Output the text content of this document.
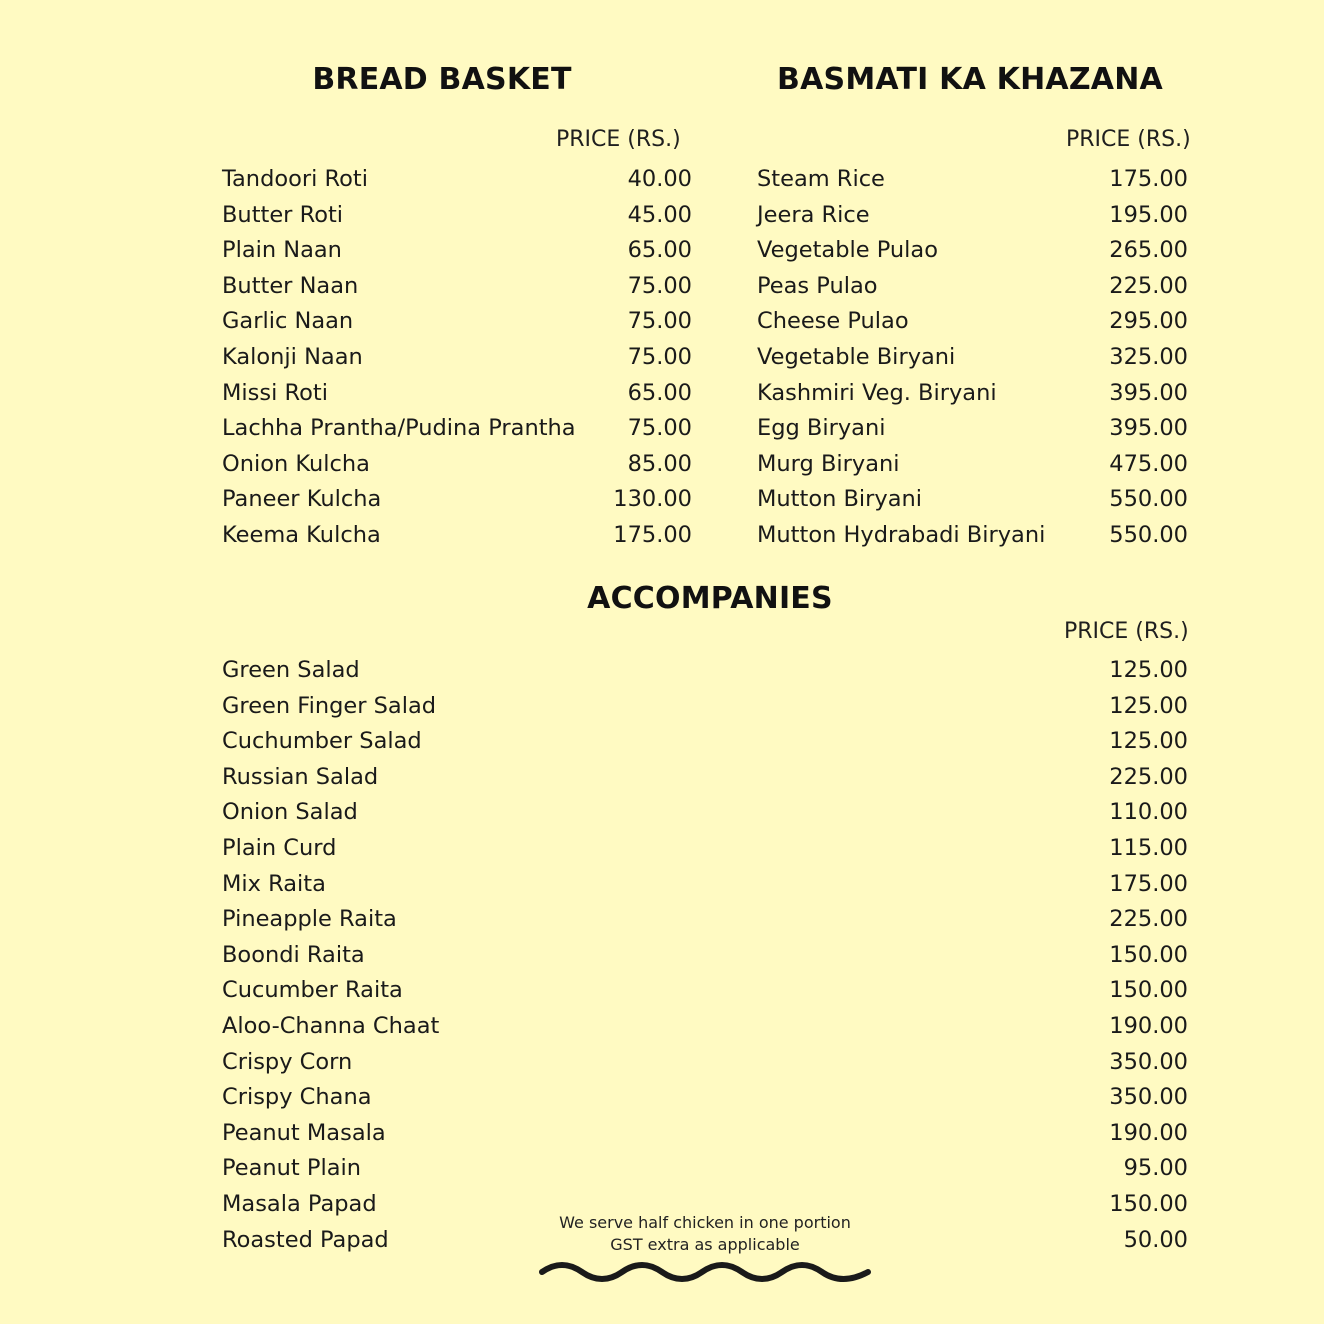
BREAD BASKET
PRICE (RS.)
Tandoori Roti	40.00
Butter Roti	45.00
Plain Naan	65.00
Butter Naan	75.00
Garlic Naan	75.00
Kalonji Naan	75.00
Missi Roti	65.00
Lachha Prantha/Pudina Prantha 75.00
Onion Kulcha	85.00
Paneer Kulcha	130.00
Keema Kulcha	175.00
BASMATI KA KHAZANA
PRICE (RS.)
Steam Rice	175.00
Jeera Rice	195.00
Vegetable Pulao	265.00
Peas Pulao	225.00
Cheese Pulao	295.00
Vegetable Biryani	325.00
Kashmiri Veg. Biryani	395.00
Egg Biryani	395.00
Murg Biryani	475.00
Mutton Biryani	550.00
Mutton Hydrabadi Biryani	550.00
ACCOMPANIES
PRICE (RS.)
Green Salad	125.00
Green Finger Salad	125.00
Cuchumber Salad	125.00
Russian Salad	225.00
Onion Salad	110.00
Plain Curd	115.00
Mix Raita	175.00
Pineapple Raita	225.00
Boondi Raita	150.00
Cucumber Raita	150.00
Aloo-Channa Chaat	190.00
Crispy Corn	350.00
Crispy Chana	350.00
Peanut Masala	190.00
Peanut Plain	95.00
Masala Papad	150.00
Roasted Papad	50.00
We serve half chicken in one portion
GST extra as applicable
